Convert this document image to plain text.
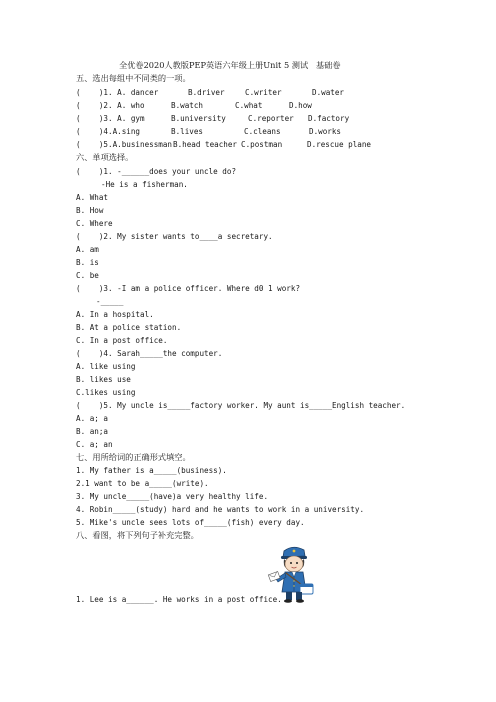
全优卷2020人教版PEP英语六年级上册Unit 5 测试   基础卷
五、选出每组中不同类的一项。

(    )1. A. dancer

	B.driver

	C.writer

	D.water

(    )2. A. who

	B.watch

	C.what

	D.how

(    )3. A. gym

	B.university

	C.reporter

D.factory

(    )4.A.sing

	B.lives

	C.cleans

	D.works

(    )5.A.businessman

B.head teacher

C.postman

	D.rescue plane

六、单项选择。
(    )1. -______does your uncle do?
-He is a fisherman.
A. What
B. How
C. Where
(    )2. My sister wants to____a secretary.
A. am
B. is
C. be
(    )3. -I am a police officer. Where d0 1 work?
-_____
A. In a hospital.
B. At a police station.
C. In a post office.
(    )4. Sarah_____the computer.
A. like using
B. likes use
C.likes using
(    )5. My uncle is_____factory worker. My aunt is_____English teacher.
A. a; a
B. an;a
C. a; an
七、用所给词的正确形式填空。
1. My father is a_____(business).
2.1 want to be a_____(write).
3. My uncle_____(have)a very healthy life.
4. Robin_____(study) hard and he wants to work in a university.
5. Mike's uncle sees lots of_____(fish) every day.
八、看图，将下列句子补充完整。
1. Lee is a______. He works in a post office.
